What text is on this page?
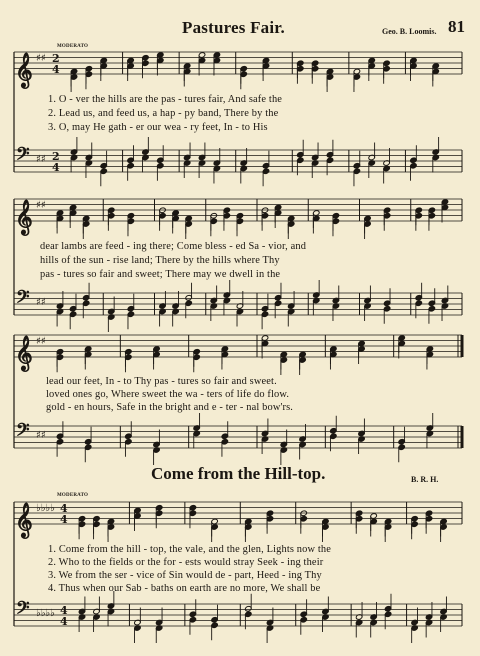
Pastures Fair.	Geo. B. Loomis. 81
MODERATO
1. O - ver the hills are the pas - tures fair, And safe the
2. Lead us, and feed us, a hap - py band, There by the
3. O, may He gath - er our wea - ry feet, In - to His
dear lambs are feed - ing there; Come bless - ed Sa - vior, and
hills of the sun - rise land; There by the hills where Thy
pas - tures so fair and sweet; There may we dwell in the
lead our feet, In - to Thy pas - tures so fair and sweet.
loved ones go, Where sweet the wa - ters of life do flow.
gold - en hours, Safe in the bright and e - ter - nal bow'rs.
Come from the Hill-top.	B. R. H.
MODERATO
1. Come from the hill - top, the vale, and the glen, Lights now the
2. Who to the fields or the for - ests would stray Seek - ing their
3. We from the ser - vice of Sin would de - part, Heed - ing Thy
4. Thus when our Sab - baths on earth are no more, We shall be
𝄞
𝄢
♯♯
♯♯
2
4
2
4
𝄞
𝄢
♯♯
♯♯
𝄞
𝄢
♯♯
♯♯
𝄞
𝄢
♭♭♭♭
♭♭♭♭
4
4
4
4
